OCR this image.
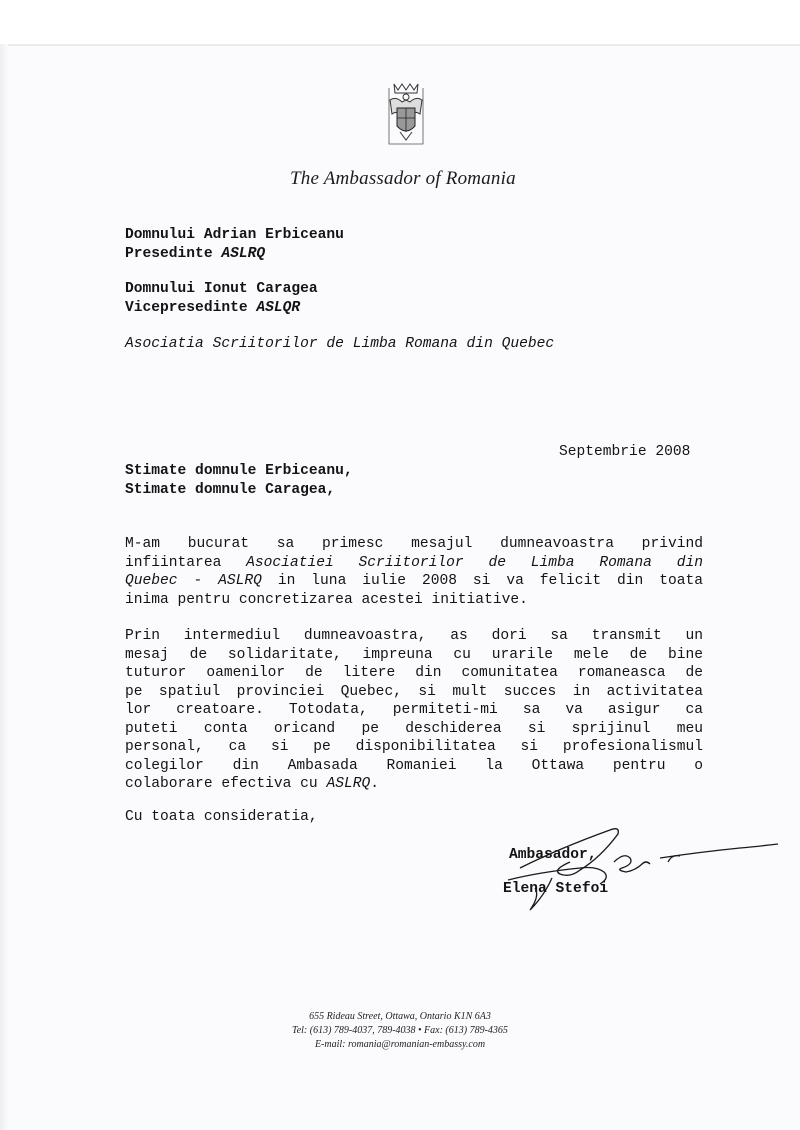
The Ambassador of Romania
Domnului Adrian Erbiceanu
Presedinte ASLRQ
Domnului Ionut Caragea
Vicepresedinte ASLQR
Asociatia Scriitorilor de Limba Romana din Quebec
Septembrie 2008
Stimate domnule Erbiceanu,
Stimate domnule Caragea,
M-am bucurat sa primesc mesajul dumneavoastra privind
infiintarea Asociatiei Scriitorilor de Limba Romana din
Quebec - ASLRQ in luna iulie 2008 si va felicit din toata
inima pentru concretizarea acestei initiative.
Prin intermediul dumneavoastra, as dori sa transmit un
mesaj de solidaritate, impreuna cu urarile mele de bine
tuturor oamenilor de litere din comunitatea romaneasca de
pe spatiul provinciei Quebec, si mult succes in activitatea
lor creatoare. Totodata, permiteti-mi sa va asigur ca
puteti conta oricand pe deschiderea si sprijinul meu
personal, ca si pe disponibilitatea si profesionalismul
colegilor din Ambasada Romaniei la Ottawa pentru o
colaborare efectiva cu ASLRQ.
Cu toata consideratia,
Ambasador,
Elena Stefoi
655 Rideau Street, Ottawa, Ontario K1N 6A3
Tel: (613) 789-4037, 789-4038 • Fax: (613) 789-4365
E-mail: romania@romanian-embassy.com
